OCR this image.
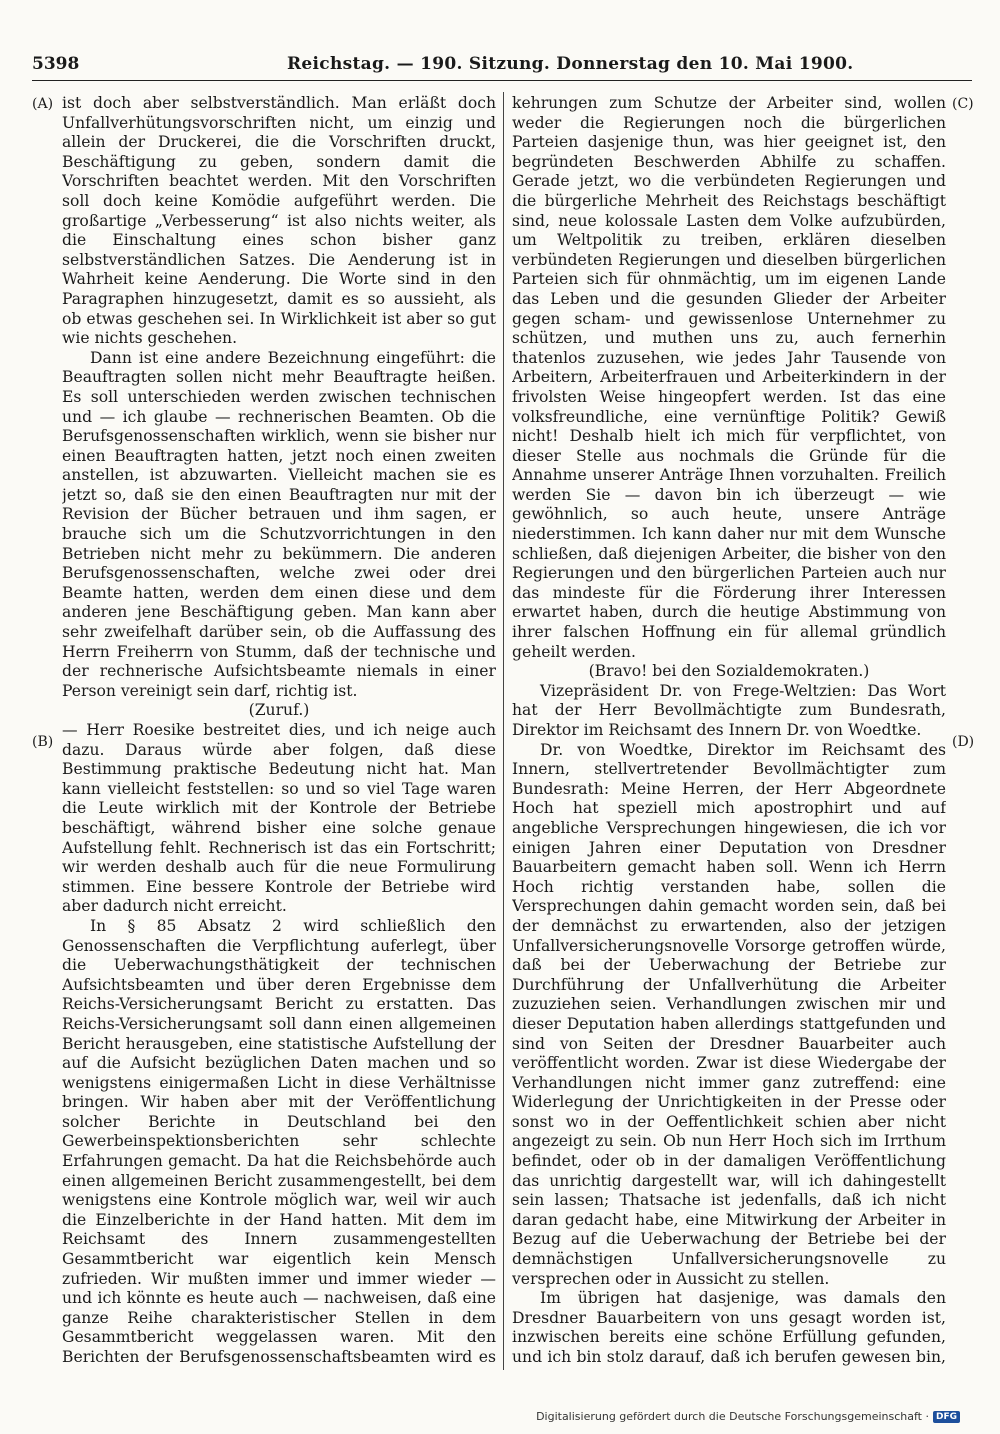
5398	Reichstag. — 190. Sitzung. Donnerstag den 10. Mai 1900.
(A)
(B)
(C)
(D)

ist doch aber selbstverständlich. Man erläßt doch Unfallverhütungsvorschriften nicht, um einzig und allein der Druckerei, die die Vorschriften druckt, Beschäftigung zu geben, sondern damit die Vorschriften beachtet werden. Mit den Vorschriften soll doch keine Komödie aufgeführt werden. Die großartige „Verbesserung“ ist also nichts weiter, als die Einschaltung eines schon bisher ganz selbstverständlichen Satzes. Die Aenderung ist in Wahrheit keine Aenderung. Die Worte sind in den Paragraphen hinzugesetzt, damit es so aussieht, als ob etwas geschehen sei. In Wirklichkeit ist aber so gut wie nichts geschehen.

Dann ist eine andere Bezeichnung eingeführt: die Beauftragten sollen nicht mehr Beauftragte heißen. Es soll unterschieden werden zwischen technischen und — ich glaube — rechnerischen Beamten. Ob die Berufsgenossenschaften wirklich, wenn sie bisher nur einen Beauftragten hatten, jetzt noch einen zweiten anstellen, ist abzuwarten. Vielleicht machen sie es jetzt so, daß sie den einen Beauftragten nur mit der Revision der Bücher betrauen und ihm sagen, er brauche sich um die Schutzvorrichtungen in den Betrieben nicht mehr zu bekümmern. Die anderen Berufsgenossenschaften, welche zwei oder drei Beamte hatten, werden dem einen diese und dem anderen jene Beschäftigung geben. Man kann aber sehr zweifelhaft darüber sein, ob die Auffassung des Herrn Freiherrn von Stumm, daß der technische und der rechnerische Aufsichtsbeamte niemals in einer Person vereinigt sein darf, richtig ist.

(Zuruf.)

— Herr Roesike bestreitet dies, und ich neige auch dazu. Daraus würde aber folgen, daß diese Bestimmung praktische Bedeutung nicht hat. Man kann vielleicht feststellen: so und so viel Tage waren die Leute wirklich mit der Kontrole der Betriebe beschäftigt, während bisher eine solche genaue Aufstellung fehlt. Rechnerisch ist das ein Fortschritt; wir werden deshalb auch für die neue Formulirung stimmen. Eine bessere Kontrole der Betriebe wird aber dadurch nicht erreicht.

In § 85 Absatz 2 wird schließlich den Genossenschaften die Verpflichtung auferlegt, über die Ueberwachungsthätigkeit der technischen Aufsichtsbeamten und über deren Ergebnisse dem Reichs-Versicherungsamt Bericht zu erstatten. Das Reichs-Versicherungsamt soll dann einen allgemeinen Bericht herausgeben, eine statistische Aufstellung der auf die Aufsicht bezüglichen Daten machen und so wenigstens einigermaßen Licht in diese Verhältnisse bringen. Wir haben aber mit der Veröffentlichung solcher Berichte in Deutschland bei den Gewerbeinspektionsberichten sehr schlechte Erfahrungen gemacht. Da hat die Reichsbehörde auch einen allgemeinen Bericht zusammengestellt, bei dem wenigstens eine Kontrole möglich war, weil wir auch die Einzelberichte in der Hand hatten. Mit dem im Reichsamt des Innern zusammengestellten Gesammtbericht war eigentlich kein Mensch zufrieden. Wir mußten immer und immer wieder — und ich könnte es heute auch — nachweisen, daß eine ganze Reihe charakteristischer Stellen in dem Gesammtbericht weggelassen waren. Mit den Berichten der Berufsgenossenschaftsbeamten wird es

kehrungen zum Schutze der Arbeiter sind, wollen weder die Regierungen noch die bürgerlichen Parteien dasjenige thun, was hier geeignet ist, den begründeten Beschwerden Abhilfe zu schaffen. Gerade jetzt, wo die verbündeten Regierungen und die bürgerliche Mehrheit des Reichstags beschäftigt sind, neue kolossale Lasten dem Volke aufzubürden, um Weltpolitik zu treiben, erklären dieselben verbündeten Regierungen und dieselben bürgerlichen Parteien sich für ohnmächtig, um im eigenen Lande das Leben und die gesunden Glieder der Arbeiter gegen scham- und gewissenlose Unternehmer zu schützen, und muthen uns zu, auch fernerhin thatenlos zuzusehen, wie jedes Jahr Tausende von Arbeitern, Arbeiterfrauen und Arbeiterkindern in der frivolsten Weise hingeopfert werden. Ist das eine volksfreundliche, eine vernünftige Politik? Gewiß nicht! Deshalb hielt ich mich für verpflichtet, von dieser Stelle aus nochmals die Gründe für die Annahme unserer Anträge Ihnen vorzuhalten. Freilich werden Sie — davon bin ich überzeugt — wie gewöhnlich, so auch heute, unsere Anträge niederstimmen. Ich kann daher nur mit dem Wunsche schließen, daß diejenigen Arbeiter, die bisher von den Regierungen und den bürgerlichen Parteien auch nur das mindeste für die Förderung ihrer Interessen erwartet haben, durch die heutige Abstimmung von ihrer falschen Hoffnung ein für allemal gründlich geheilt werden.

(Bravo! bei den Sozialdemokraten.)

Vizepräsident Dr. von Frege-Weltzien: Das Wort hat der Herr Bevollmächtigte zum Bundesrath, Direktor im Reichsamt des Innern Dr. von Woedtke.

Dr. von Woedtke, Direktor im Reichsamt des Innern, stellvertretender Bevollmächtigter zum Bundesrath: Meine Herren, der Herr Abgeordnete Hoch hat speziell mich apostrophirt und auf angebliche Versprechungen hingewiesen, die ich vor einigen Jahren einer Deputation von Dresdner Bauarbeitern gemacht haben soll. Wenn ich Herrn Hoch richtig verstanden habe, sollen die Versprechungen dahin gemacht worden sein, daß bei der demnächst zu erwartenden, also der jetzigen Unfallversicherungsnovelle Vorsorge getroffen würde, daß bei der Ueberwachung der Betriebe zur Durchführung der Unfallverhütung die Arbeiter zuzuziehen seien. Verhandlungen zwischen mir und dieser Deputation haben allerdings stattgefunden und sind von Seiten der Dresdner Bauarbeiter auch veröffentlicht worden. Zwar ist diese Wiedergabe der Verhandlungen nicht immer ganz zutreffend: eine Widerlegung der Unrichtigkeiten in der Presse oder sonst wo in der Oeffentlichkeit schien aber nicht angezeigt zu sein. Ob nun Herr Hoch sich im Irrthum befindet, oder ob in der damaligen Veröffentlichung das unrichtig dargestellt war, will ich dahingestellt sein lassen; Thatsache ist jedenfalls, daß ich nicht daran gedacht habe, eine Mitwirkung der Arbeiter in Bezug auf die Ueberwachung der Betriebe bei der demnächstigen Unfallversicherungsnovelle zu versprechen oder in Aussicht zu stellen.

Im übrigen hat dasjenige, was damals den Dresdner Bauarbeitern von uns gesagt worden ist, inzwischen bereits eine schöne Erfüllung gefunden, und ich bin stolz darauf, daß ich berufen gewesen bin,

Digitalisierung gefördert durch die Deutsche Forschungsgemeinschaft · DFG
